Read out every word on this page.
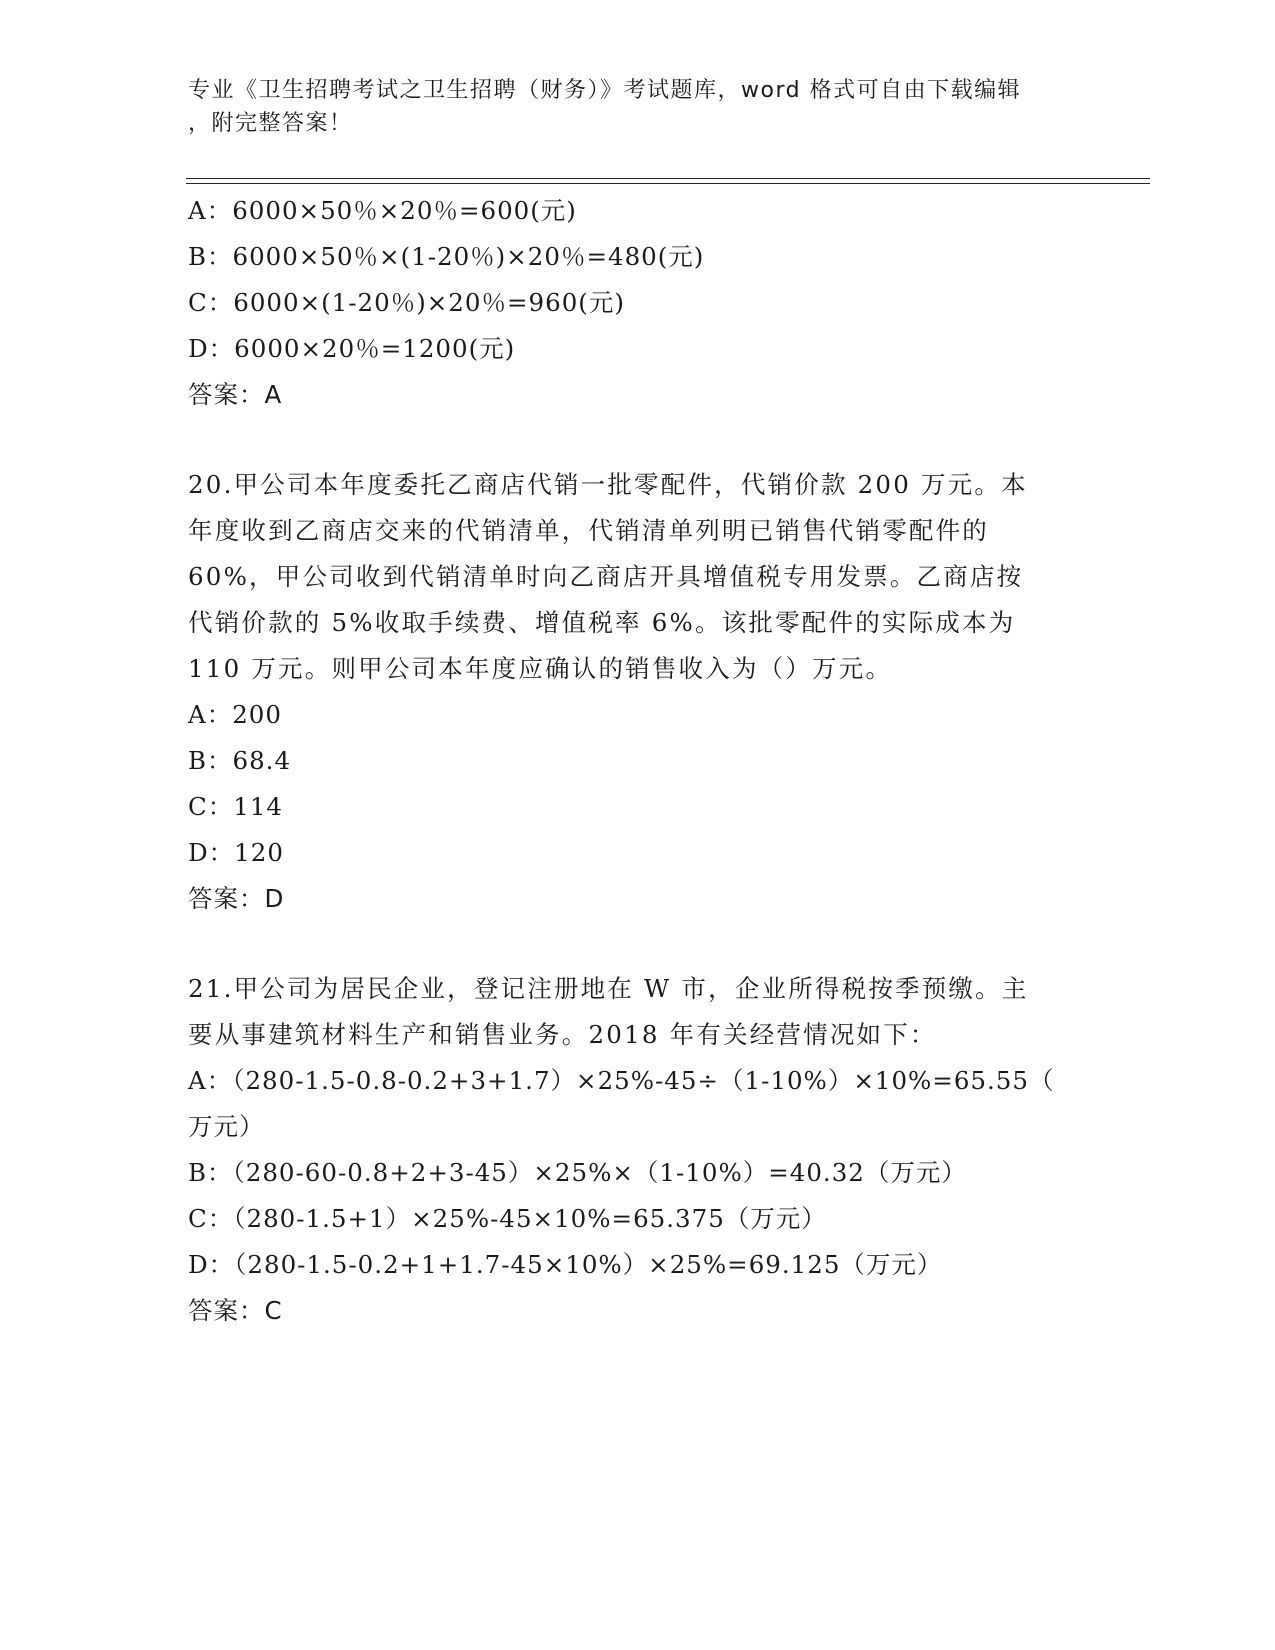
专业《卫生招聘考试之卫生招聘（财务）》考试题库，word 格式可自由下载编辑
，附完整答案！
A：6000×50％×20％=600(元)
B：6000×50％×(1-20％)×20％=480(元)
C：6000×(1-20％)×20％=960(元)
D：6000×20％=1200(元)
答案：A
20.甲公司本年度委托乙商店代销一批零配件，代销价款 200 万元。本
年度收到乙商店交来的代销清单，代销清单列明已销售代销零配件的
60%，甲公司收到代销清单时向乙商店开具增值税专用发票。乙商店按
代销价款的 5%收取手续费、增值税率 6%。该批零配件的实际成本为
110 万元。则甲公司本年度应确认的销售收入为（）万元。
A：200
B：68.4
C：114
D：120
答案：D
21.甲公司为居民企业，登记注册地在 W 市，企业所得税按季预缴。主
要从事建筑材料生产和销售业务。2018 年有关经营情况如下：
A：（280-1.5-0.8-0.2+3+1.7）×25%-45÷（1-10%）×10%=65.55（
万元）
B：（280-60-0.8+2+3-45）×25%×（1-10%）=40.32（万元）
C：（280-1.5+1）×25%-45×10%=65.375（万元）
D：（280-1.5-0.2+1+1.7-45×10%）×25%=69.125（万元）
答案：C
